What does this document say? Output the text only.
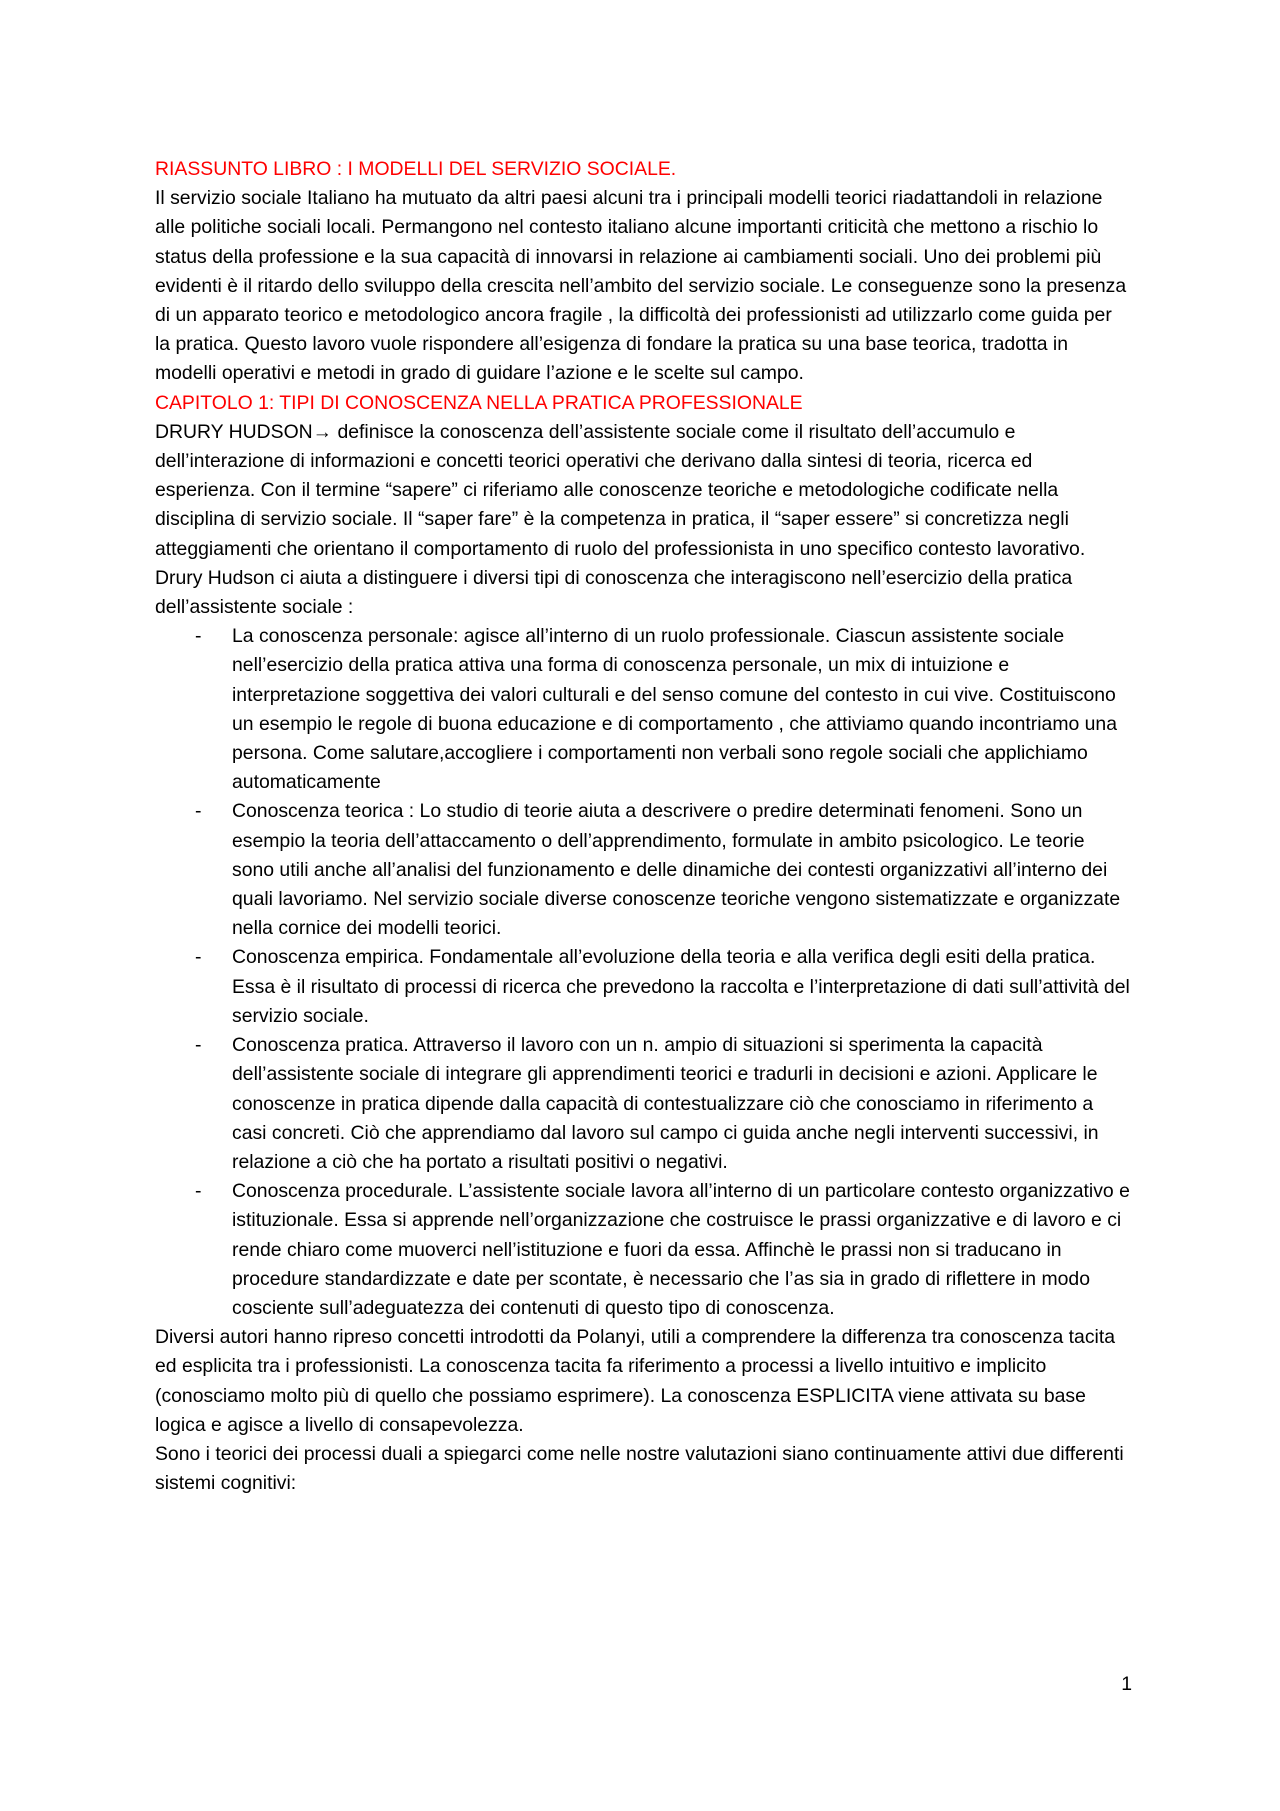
RIASSUNTO LIBRO : I MODELLI DEL SERVIZIO SOCIALE.

Il servizio sociale Italiano ha mutuato da altri paesi alcuni tra i principali modelli teorici riadattandoli in relazione alle politiche sociali locali. Permangono nel contesto italiano alcune importanti criticità che mettono a rischio lo status della professione e la sua capacità di innovarsi in relazione ai cambiamenti sociali. Uno dei problemi più evidenti è il ritardo dello sviluppo della crescita nell’ambito del servizio sociale. Le conseguenze sono la presenza di un apparato teorico e metodologico ancora fragile , la difficoltà dei professionisti ad utilizzarlo come guida per la pratica. Questo lavoro vuole rispondere all’esigenza di fondare la pratica su una base teorica, tradotta in modelli operativi e metodi in grado di guidare l’azione e le scelte sul campo.

CAPITOLO 1: TIPI DI CONOSCENZA NELLA PRATICA PROFESSIONALE

DRURY HUDSON→ definisce la conoscenza dell’assistente sociale come il risultato dell’accumulo e dell’interazione di informazioni e concetti teorici operativi che derivano dalla sintesi di teoria, ricerca ed esperienza. Con il termine “sapere” ci riferiamo alle conoscenze teoriche e metodologiche codificate nella disciplina di servizio sociale. Il “saper fare” è la competenza in pratica, il “saper essere” si concretizza negli atteggiamenti che orientano il comportamento di ruolo del professionista in uno specifico contesto lavorativo.

Drury Hudson ci aiuta a distinguere i diversi tipi di conoscenza che interagiscono nell’esercizio della pratica dell’assistente sociale :

-	La conoscenza personale: agisce all’interno di un ruolo professionale. Ciascun assistente sociale nell’esercizio della pratica attiva una forma di conoscenza personale, un mix di intuizione e interpretazione soggettiva dei valori culturali e del senso comune del contesto in cui vive. Costituiscono un esempio le regole di buona educazione e di comportamento , che attiviamo quando incontriamo una persona. Come salutare,accogliere i comportamenti non verbali sono regole sociali che applichiamo automaticamente
-	Conoscenza teorica : Lo studio di teorie aiuta a descrivere o predire determinati fenomeni. Sono un esempio la teoria dell’attaccamento o dell’apprendimento, formulate in ambito psicologico. Le teorie sono utili anche all’analisi del funzionamento e delle dinamiche dei contesti organizzativi all’interno dei quali lavoriamo. Nel servizio sociale diverse conoscenze teoriche vengono sistematizzate e organizzate nella cornice dei modelli teorici.
-	Conoscenza empirica. Fondamentale all’evoluzione della teoria e alla verifica degli esiti della pratica. Essa è il risultato di processi di ricerca che prevedono la raccolta e l’interpretazione di dati sull’attività del servizio sociale.
-	Conoscenza pratica. Attraverso il lavoro con un n. ampio di situazioni si sperimenta la capacità dell’assistente sociale di integrare gli apprendimenti teorici e tradurli in decisioni e azioni. Applicare le conoscenze in pratica dipende dalla capacità di contestualizzare ciò che conosciamo in riferimento a casi concreti. Ciò che apprendiamo dal lavoro sul campo ci guida anche negli interventi successivi, in relazione a ciò che ha portato a risultati positivi o negativi.
-	Conoscenza procedurale. L’assistente sociale lavora all’interno di un particolare contesto organizzativo e istituzionale. Essa si apprende nell’organizzazione che costruisce le prassi organizzative e di lavoro e ci rende chiaro come muoverci nell’istituzione e fuori da essa. Affinchè le prassi non si traducano in procedure standardizzate e date per scontate, è necessario che l’as sia in grado di riflettere in modo cosciente sull’adeguatezza dei contenuti di questo tipo di conoscenza.

Diversi autori hanno ripreso concetti introdotti da Polanyi, utili a comprendere la differenza tra conoscenza tacita ed esplicita tra i professionisti. La conoscenza tacita fa riferimento a processi a livello intuitivo e implicito (conosciamo molto più di quello che possiamo esprimere). La conoscenza ESPLICITA viene attivata su base logica e agisce a livello di consapevolezza.

Sono i teorici dei processi duali a spiegarci come nelle nostre valutazioni siano continuamente attivi due differenti sistemi cognitivi:

1
